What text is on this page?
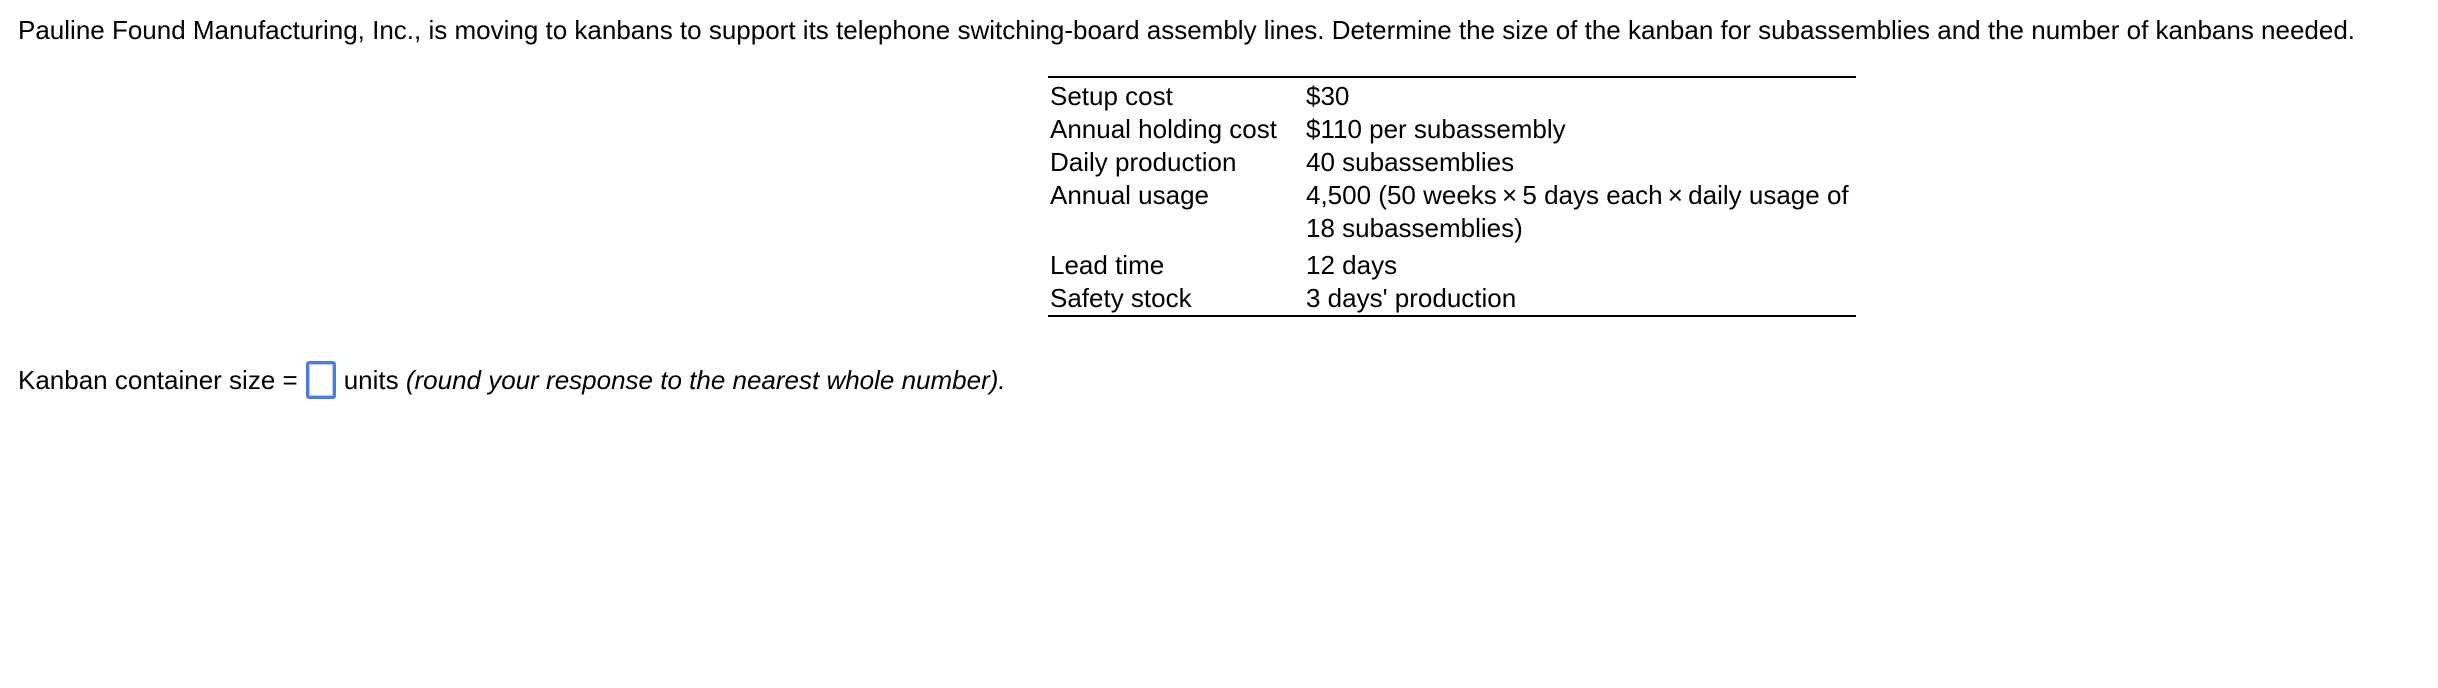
Pauline Found Manufacturing, Inc., is moving to kanbans to support its telephone switching-board assembly lines. Determine the size of the kanban for subassemblies and the number of kanbans needed.
Setup cost	$30
Annual holding cost	$110 per subassembly
Daily production	40 subassemblies
Annual usage	4,500 (50 weeks × 5 days each × daily usage of 18 subassemblies)
Lead time	12 days
Safety stock	3 days' production
Kanban container size = units
(round your response to the nearest whole number).
